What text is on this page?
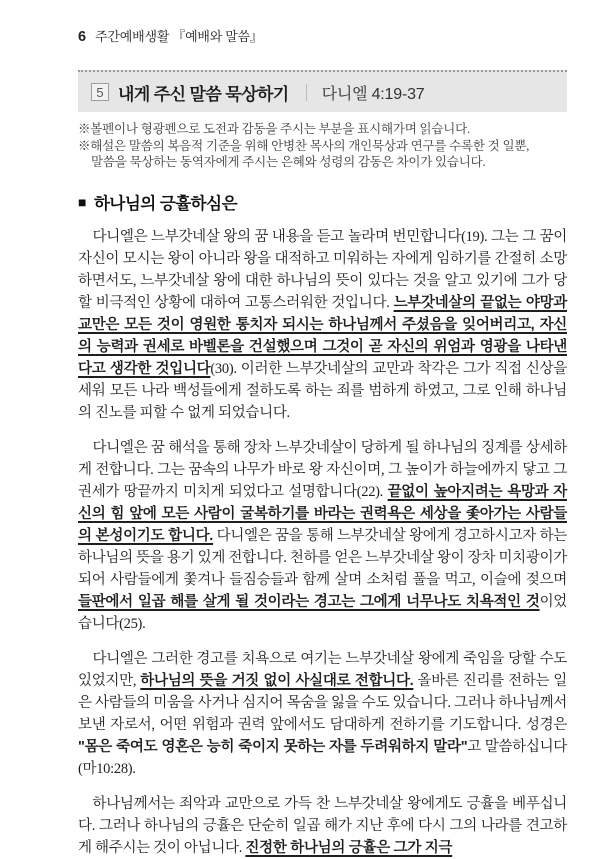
6 주간예배생활 『예배와 말씀』
5 내게 주신 말씀 묵상하기 다니엘 4:19-37
※볼펜이나 형광펜으로 도전과 감동을 주시는 부분을 표시해가며 읽습니다.
※해설은 말씀의 복음적 기준을 위해 안병찬 목사의 개인묵상과 연구를 수록한 것 일뿐,
말씀을 묵상하는 동역자에게 주시는 은혜와 성령의 감동은 차이가 있습니다.
■ 하나님의 긍휼하심은

다니엘은 느부갓네살 왕의 꿈 내용을 듣고 놀라며 번민합니다(19). 그는 그 꿈이 자신이 모시는 왕이 아니라 왕을 대적하고 미워하는 자에게 임하기를 간절히 소망하면서도, 느부갓네살 왕에 대한 하나님의 뜻이 있다는 것을 알고 있기에 그가 당할 비극적인 상황에 대하여 고통스러워한 것입니다. 느부갓네살의 끝없는 야망과 교만은 모든 것이 영원한 통치자 되시는 하나님께서 주셨음을 잊어버리고, 자신의 능력과 권세로 바벨론을 건설했으며 그것이 곧 자신의 위엄과 영광을 나타낸다고 생각한 것입니다(30). 이러한 느부갓네살의 교만과 착각은 그가 직접 신상을 세워 모든 나라 백성들에게 절하도록 하는 죄를 범하게 하였고, 그로 인해 하나님의 진노를 피할 수 없게 되었습니다.

다니엘은 꿈 해석을 통해 장차 느부갓네살이 당하게 될 하나님의 징계를 상세하게 전합니다. 그는 꿈속의 나무가 바로 왕 자신이며, 그 높이가 하늘에까지 닿고 그 권세가 땅끝까지 미치게 되었다고 설명합니다(22). 끝없이 높아지려는 욕망과 자신의 힘 앞에 모든 사람이 굴복하기를 바라는 권력욕은 세상을 좇아가는 사람들의 본성이기도 합니다. 다니엘은 꿈을 통해 느부갓네살 왕에게 경고하시고자 하는 하나님의 뜻을 용기 있게 전합니다. 천하를 얻은 느부갓네살 왕이 장차 미치광이가 되어 사람들에게 쫓겨나 들짐승들과 함께 살며 소처럼 풀을 먹고, 이슬에 젖으며 들판에서 일곱 해를 살게 될 것이라는 경고는 그에게 너무나도 치욕적인 것이었습니다(25).

다니엘은 그러한 경고를 치욕으로 여기는 느부갓네살 왕에게 죽임을 당할 수도 있었지만, 하나님의 뜻을 거짓 없이 사실대로 전합니다. 올바른 진리를 전하는 일은 사람들의 미움을 사거나 심지어 목숨을 잃을 수도 있습니다. 그러나 하나님께서 보낸 자로서, 어떤 위험과 권력 앞에서도 담대하게 전하기를 기도합니다. 성경은 "몸은 죽여도 영혼은 능히 죽이지 못하는 자를 두려워하지 말라"고 말씀하십니다(마10:28).

하나님께서는 죄악과 교만으로 가득 찬 느부갓네살 왕에게도 긍휼을 베푸십니다. 그러나 하나님의 긍휼은 단순히 일곱 해가 지난 후에 다시 그의 나라를 견고하게 해주시는 것이 아닙니다. 진정한 하나님의 긍휼은 그가 지극
